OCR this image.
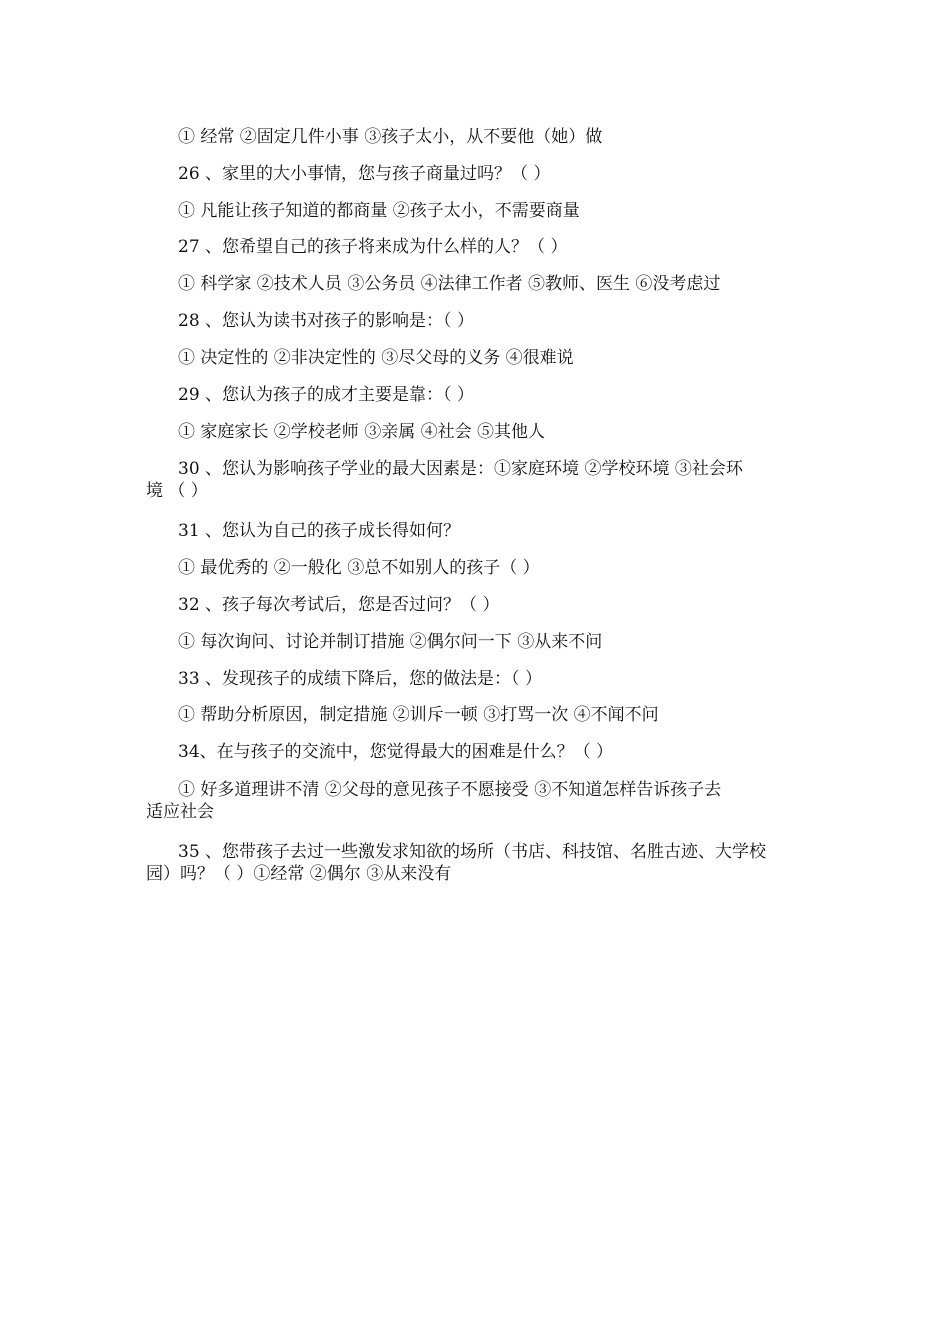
① 经常 ②固定几件小事 ③孩子太小，从不要他（她）做
26 、家里的大小事情，您与孩子商量过吗？（ ）
① 凡能让孩子知道的都商量 ②孩子太小，不需要商量
27 、您希望自己的孩子将来成为什么样的人？（ ）
① 科学家 ②技术人员 ③公务员 ④法律工作者 ⑤教师、医生 ⑥没考虑过
28 、您认为读书对孩子的影响是：（ ）
① 决定性的 ②非决定性的 ③尽父母的义务 ④很难说
29 、您认为孩子的成才主要是靠：（ ）
① 家庭家长 ②学校老师 ③亲属 ④社会 ⑤其他人
30 、您认为影响孩子学业的最大因素是：①家庭环境 ②学校环境 ③社会环
境 （ ）
31 、您认为自己的孩子成长得如何？
① 最优秀的 ②一般化 ③总不如别人的孩子（ ）
32 、孩子每次考试后，您是否过问？（ ）
① 每次询问、讨论并制订措施 ②偶尔问一下 ③从来不问
33 、发现孩子的成绩下降后，您的做法是：（ ）
① 帮助分析原因，制定措施 ②训斥一顿 ③打骂一次 ④不闻不问
34、在与孩子的交流中，您觉得最大的困难是什么？（ ）
① 好多道理讲不清 ②父母的意见孩子不愿接受 ③不知道怎样告诉孩子去
适应社会
35 、您带孩子去过一些激发求知欲的场所（书店、科技馆、名胜古迹、大学校
园）吗？（ ）①经常 ②偶尔 ③从来没有
